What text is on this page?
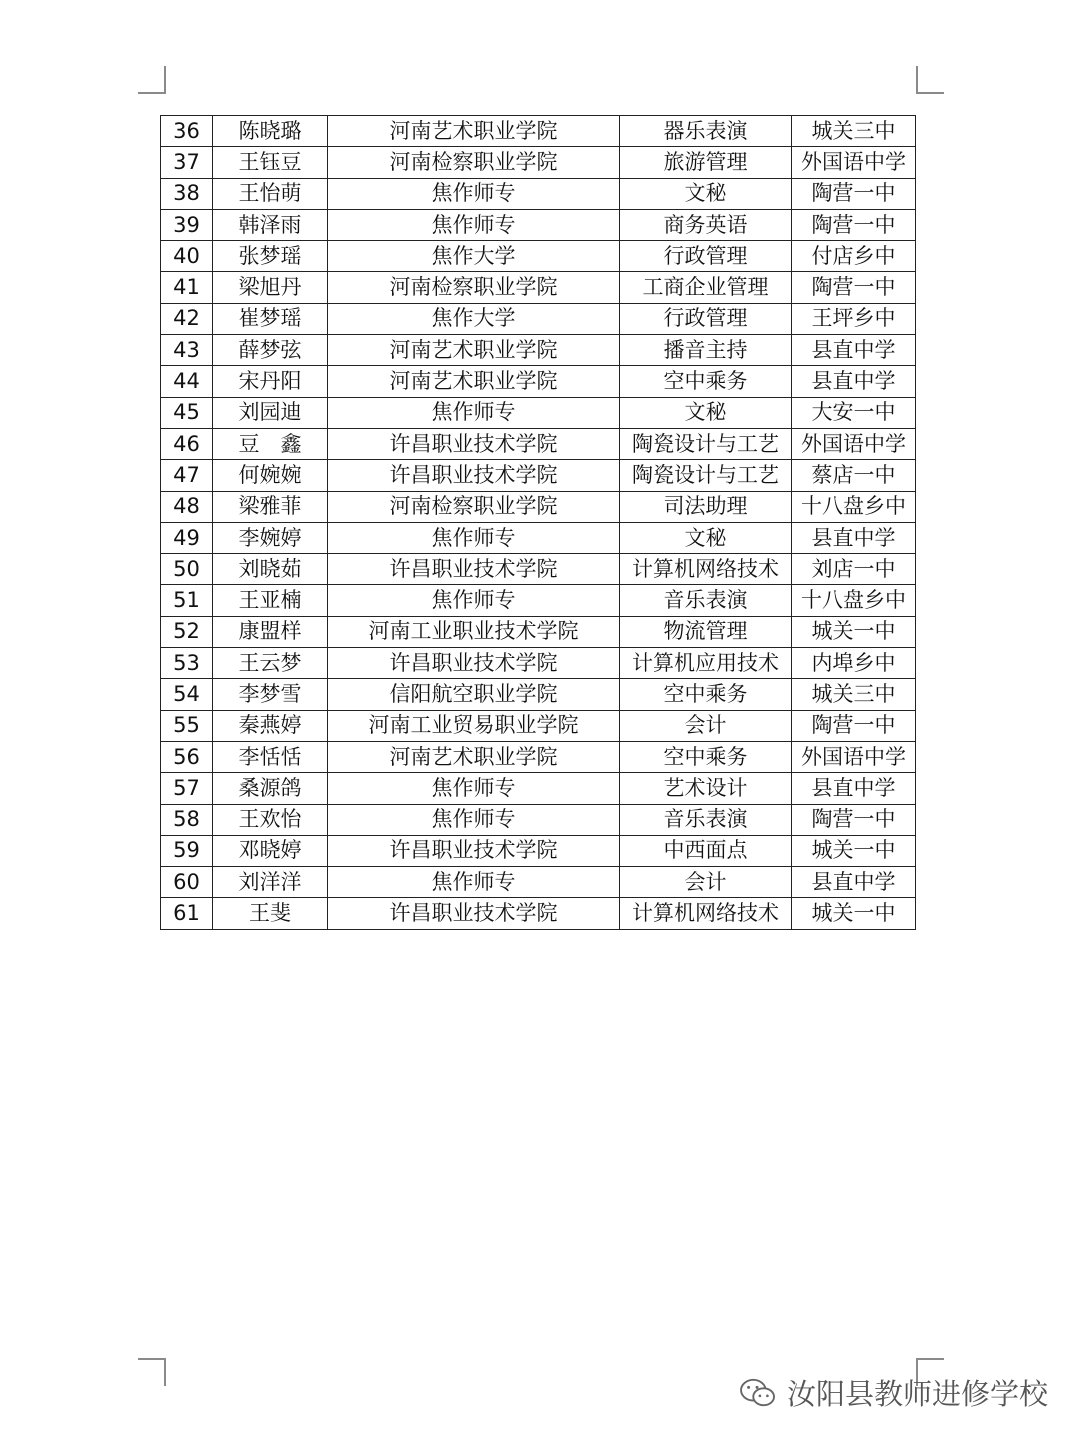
36	陈晓璐	河南艺术职业学院	器乐表演	城关三中
37	王钰豆	河南检察职业学院	旅游管理	外国语中学
38	王怡萌	焦作师专	文秘	陶营一中
39	韩泽雨	焦作师专	商务英语	陶营一中
40	张梦瑶	焦作大学	行政管理	付店乡中
41	梁旭丹	河南检察职业学院	工商企业管理	陶营一中
42	崔梦瑶	焦作大学	行政管理	王坪乡中
43	薛梦弦	河南艺术职业学院	播音主持	县直中学
44	宋丹阳	河南艺术职业学院	空中乘务	县直中学
45	刘园迪	焦作师专	文秘	大安一中
46	豆　鑫	许昌职业技术学院	陶瓷设计与工艺	外国语中学
47	何婉婉	许昌职业技术学院	陶瓷设计与工艺	蔡店一中
48	梁雅菲	河南检察职业学院	司法助理	十八盘乡中
49	李婉婷	焦作师专	文秘	县直中学
50	刘晓茹	许昌职业技术学院	计算机网络技术	刘店一中
51	王亚楠	焦作师专	音乐表演	十八盘乡中
52	康盟样	河南工业职业技术学院	物流管理	城关一中
53	王云梦	许昌职业技术学院	计算机应用技术	内埠乡中
54	李梦雪	信阳航空职业学院	空中乘务	城关三中
55	秦燕婷	河南工业贸易职业学院	会计	陶营一中
56	李恬恬	河南艺术职业学院	空中乘务	外国语中学
57	桑源鸽	焦作师专	艺术设计	县直中学
58	王欢怡	焦作师专	音乐表演	陶营一中
59	邓晓婷	许昌职业技术学院	中西面点	城关一中
60	刘洋洋	焦作师专	会计	县直中学
61	王斐	许昌职业技术学院	计算机网络技术	城关一中
汝阳县教师进修学校
